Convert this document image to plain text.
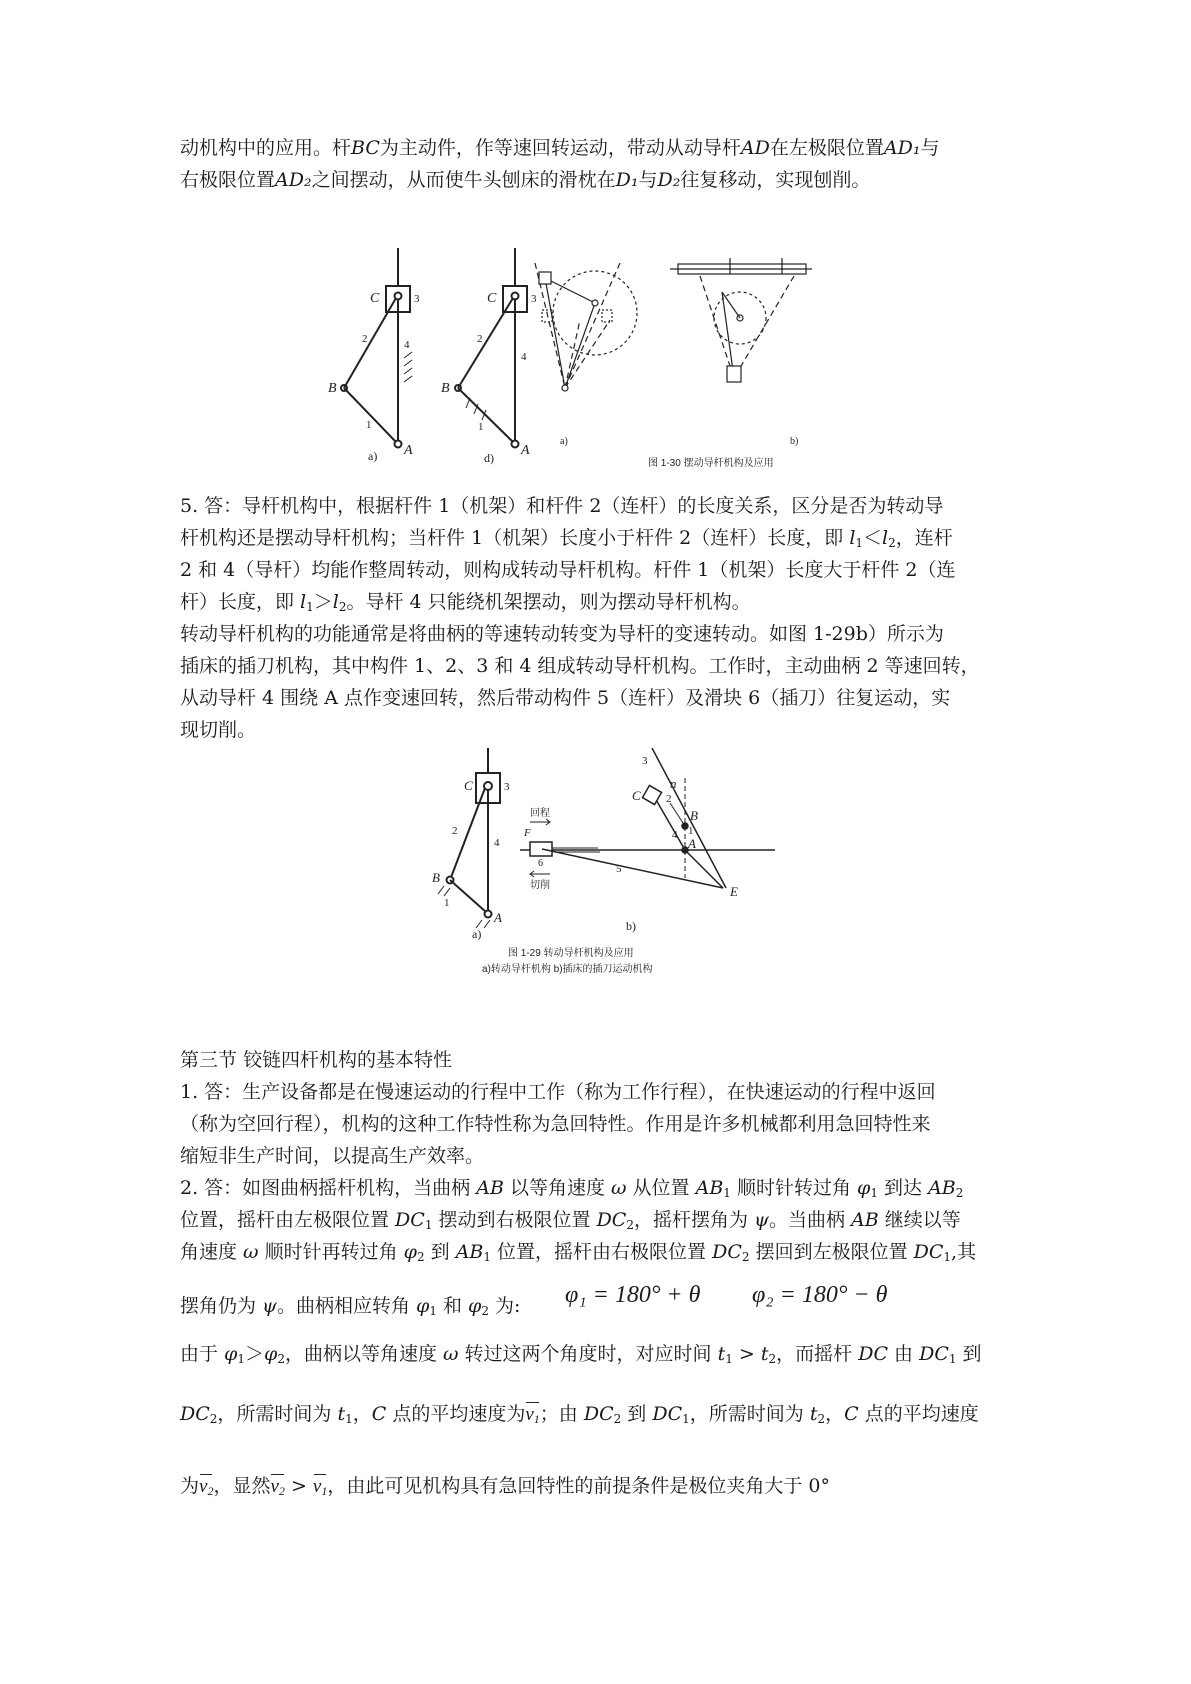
动机构中的应用。杆BC为主动件，作等速回转运动，带动从动导杆AD在左极限位置AD₁与
右极限位置AD₂之间摆动，从而使牛头刨床的滑枕在D₁与D₂往复移动，实现刨削。

C	3
2	4
B
1
A
C	3
2
4
B
1
A
a)	d)
a)	b)
图 1-30 摆动导杆机构及应用

5. 答：导杆机构中，根据杆件 1（机架）和杆件 2（连杆）的长度关系，区分是否为转动导
杆机构还是摆动导杆机构；当杆件 1（机架）长度小于杆件 2（连杆）长度，即 $l_1<l_2$，连杆
2 和 4（导杆）均能作整周转动，则构成转动导杆机构。杆件 1（机架）长度大于杆件 2（连
杆）长度，即 $l_1>l_2$。导杆 4 只能绕机架摆动，则为摆动导杆机构。
转动导杆机构的功能通常是将曲柄的等速转动转变为导杆的变速转动。如图 1-29b）所示为
插床的插刀机构，其中构件 1、2、3 和 4 组成转动导杆机构。工作时，主动曲柄 2 等速回转，
从动导杆 4 围绕 A 点作变速回转，然后带动构件 5（连杆）及滑块 6（插刀）往复运动，实
现切削。

C	3
2
4
B
1
A
C
3
n
2
B
1
4
A
E
5
F
6
回程
切削
a)
b)
图 1-29 转动导杆机构及应用
a)转动导杆机构 b)插床的插刀运动机构

第三节 铰链四杆机构的基本特性

1. 答：生产设备都是在慢速运动的行程中工作（称为工作行程），在快速运动的行程中返回
（称为空回行程），机构的这种工作特性称为急回特性。作用是许多机械都利用急回特性来
缩短非生产时间，以提高生产效率。

2. 答：如图曲柄摇杆机构，当曲柄 AB 以等角速度 ω 从位置 $AB_1$ 顺时针转过角 $\varphi_1$ 到达 $AB_2$
位置，摇杆由左极限位置 $DC_1$ 摆动到右极限位置 $DC_2$，摇杆摆角为 ψ。当曲柄 AB 继续以等
角速度 ω 顺时针再转过角 $\varphi_2$ 到 $AB_1$ 位置，摇杆由右极限位置 $DC_2$ 摆回到左极限位置 $DC_1$,其

摆角仍为 ψ。曲柄相应转角 $\varphi_1$ 和 $\varphi_2$ 为:	φ₁ = 180° + θ φ₂ = 180° − θ

由于 $\varphi_1>\varphi_2$，曲柄以等角速度 ω 转过这两个角度时，对应时间 $t_1 > t_2$，而摇杆 DC 由 $DC_1$ 到

$DC_2$，所需时间为 $t_1$，C 点的平均速度为
$v_1$；由 $DC_2$ 到 $DC_1$，所需时间为 $t_2$，C 点的平均速度

为
$v_2$，显然
$v_2$ >
$v_1$，由此可见机构具有急回特性的前提条件是极位夹角大于 0°
